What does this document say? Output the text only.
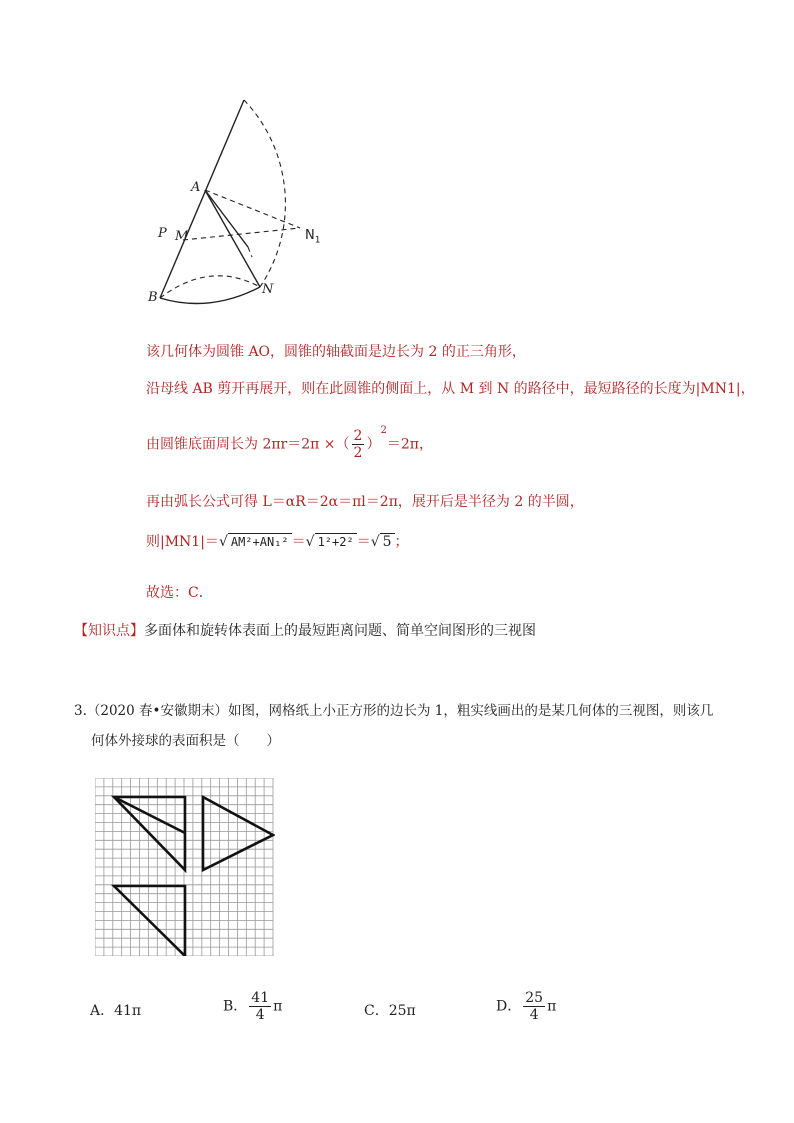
A
P M	$N_1$
N
B
该几何体为圆锥 AO，圆锥的轴截面是边长为 2 的正三角形，
沿母线 AB 剪开再展开，则在此圆锥的侧面上，从 M 到 N 的路径中，最短路径的长度为|MN1|，
由圆锥底面周长为 2πr＝2π ×（ $\frac{2}{2} )^2=2\pi$，
再由弧长公式可得 L＝αR＝2α＝πl＝2π，展开后是半径为 2 的半圆，
则|MN1|＝√ AM²+AN₁² ＝√ 1²+2² ＝√ 5 ；
故选：C．
【知识点】多面体和旋转体表面上的最短距离问题、简单空间图形的三视图
3.（2020 春•安徽期末）如图，网格纸上小正方形的边长为 1，粗实线画出的是某几何体的三视图，则该几
何体外接球的表面积是（　　）
A．41π	B． $\frac{41}{4}$ π	C．25π	D． $\frac{25}{4}$ π
